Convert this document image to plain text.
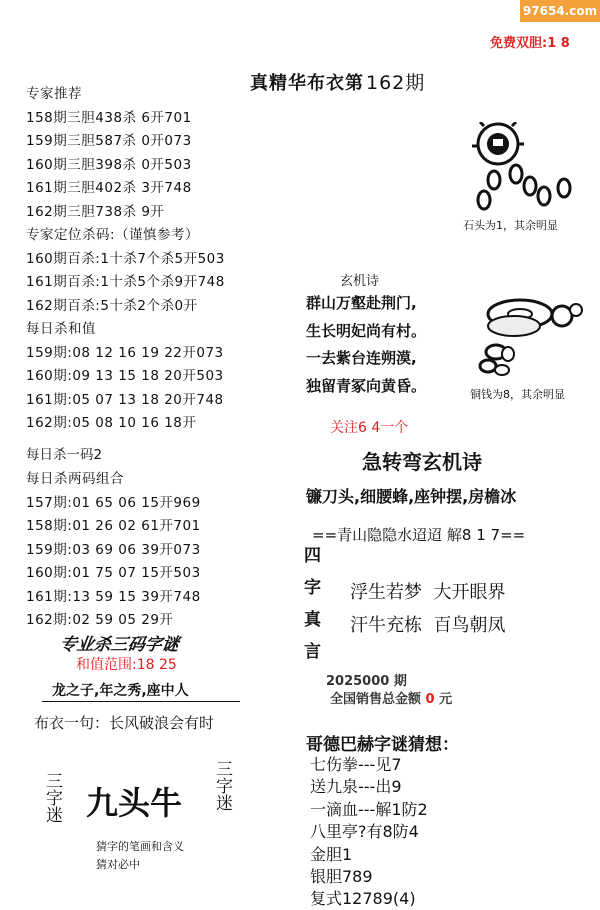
97654.com
免费双胆:1 8
真精华布衣第 162期
专家推荐
158期三胆438杀 6开701
159期三胆587杀 0开073
160期三胆398杀 0开503
161期三胆402杀 3开748
162期三胆738杀 9开
专家定位杀码:（谨慎参考）
160期百杀:1十杀7个杀5开503
161期百杀:1十杀5个杀9开748
162期百杀:5十杀2个杀0开
每日杀和值
159期:08 12 16 19 22开073
160期:09 13 15 18 20开503
161期:05 07 13 18 20开748
162期:05 08 10 16 18开
每日杀一码2
每日杀两码组合
157期:01 65 06 15开969
158期:01 26 02 61开701
159期:03 69 06 39开073
160期:01 75 07 15开503
161期:13 59 15 39开748
162期:02 59 05 29开
专业杀三码字谜
和值范围:18 25
龙之子,年之秀,座中人
布衣一句：长风破浪会有时
三字迷 九头牛 三字迷
猜字的笔画和含义
猜对必中
石头为1，其余明显
玄机诗
群山万壑赴荆门,
生长明妃尚有村。
一去紫台连朔漠,
独留青冢向黄昏。	铜钱为8，其余明显
关注6 4一个
急转弯玄机诗
镰刀头,细腰蜂,座钟摆,房檐冰
==青山隐隐水迢迢 解8 1 7==
四
字
真
言
浮生若梦  大开眼界
汗牛充栋  百鸟朝凤
2025000 期
全国销售总金额 0 元
哥德巴赫字谜猜想：
七伤拳---见7
送九泉---出9
一滴血---解1防2
八里亭?有8防4
金胆1
银胆789
复式12789(4)
